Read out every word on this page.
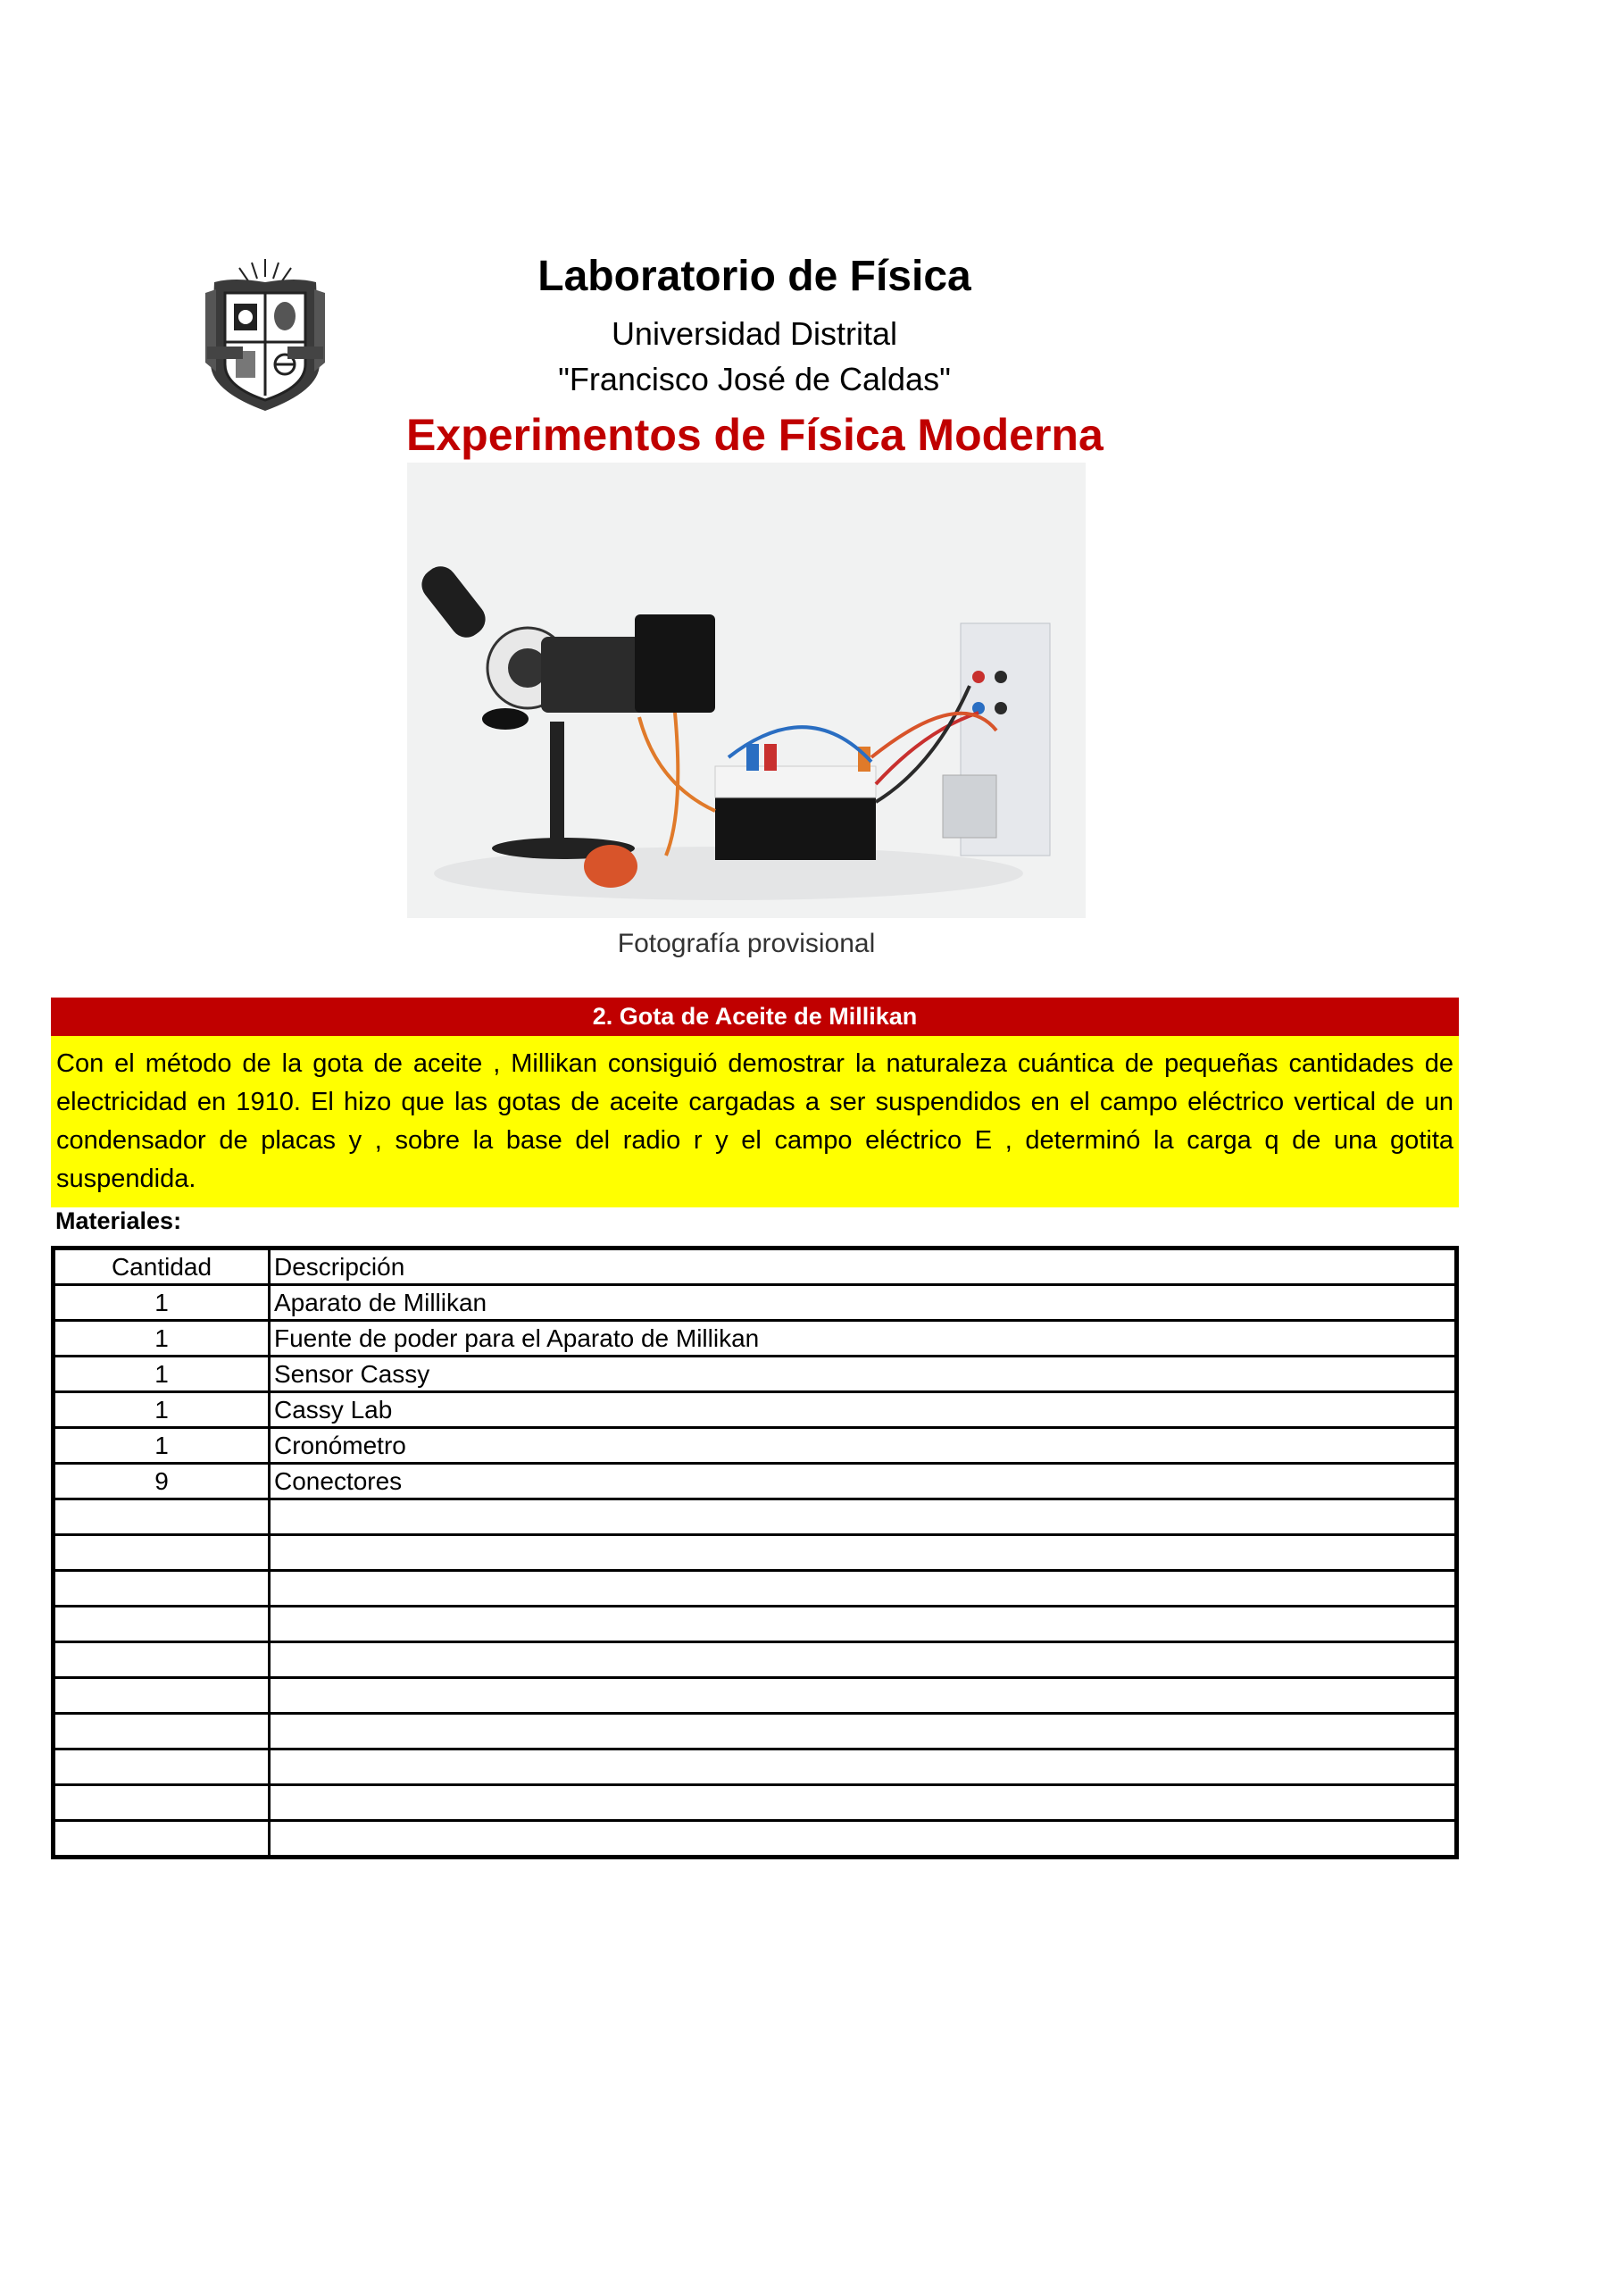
Laboratorio de Física
Universidad Distrital
"Francisco José de Caldas"
Experimentos de Física Moderna
Fotografía provisional
2. Gota de Aceite de Millikan
Con el método de la gota de aceite , Millikan consiguió demostrar la naturaleza cuántica de pequeñas cantidades de electricidad en 1910. El hizo que las gotas de aceite cargadas a ser suspendidos en el campo eléctrico vertical de un condensador de placas y , sobre la base del radio r y el campo eléctrico E , determinó la carga q de una gotita suspendida.
Materiales:
Cantidad	Descripción
1	Aparato de Millikan
1	Fuente de poder para el Aparato de Millikan
1	Sensor Cassy
1	Cassy Lab
1	Cronómetro
9	Conectores
